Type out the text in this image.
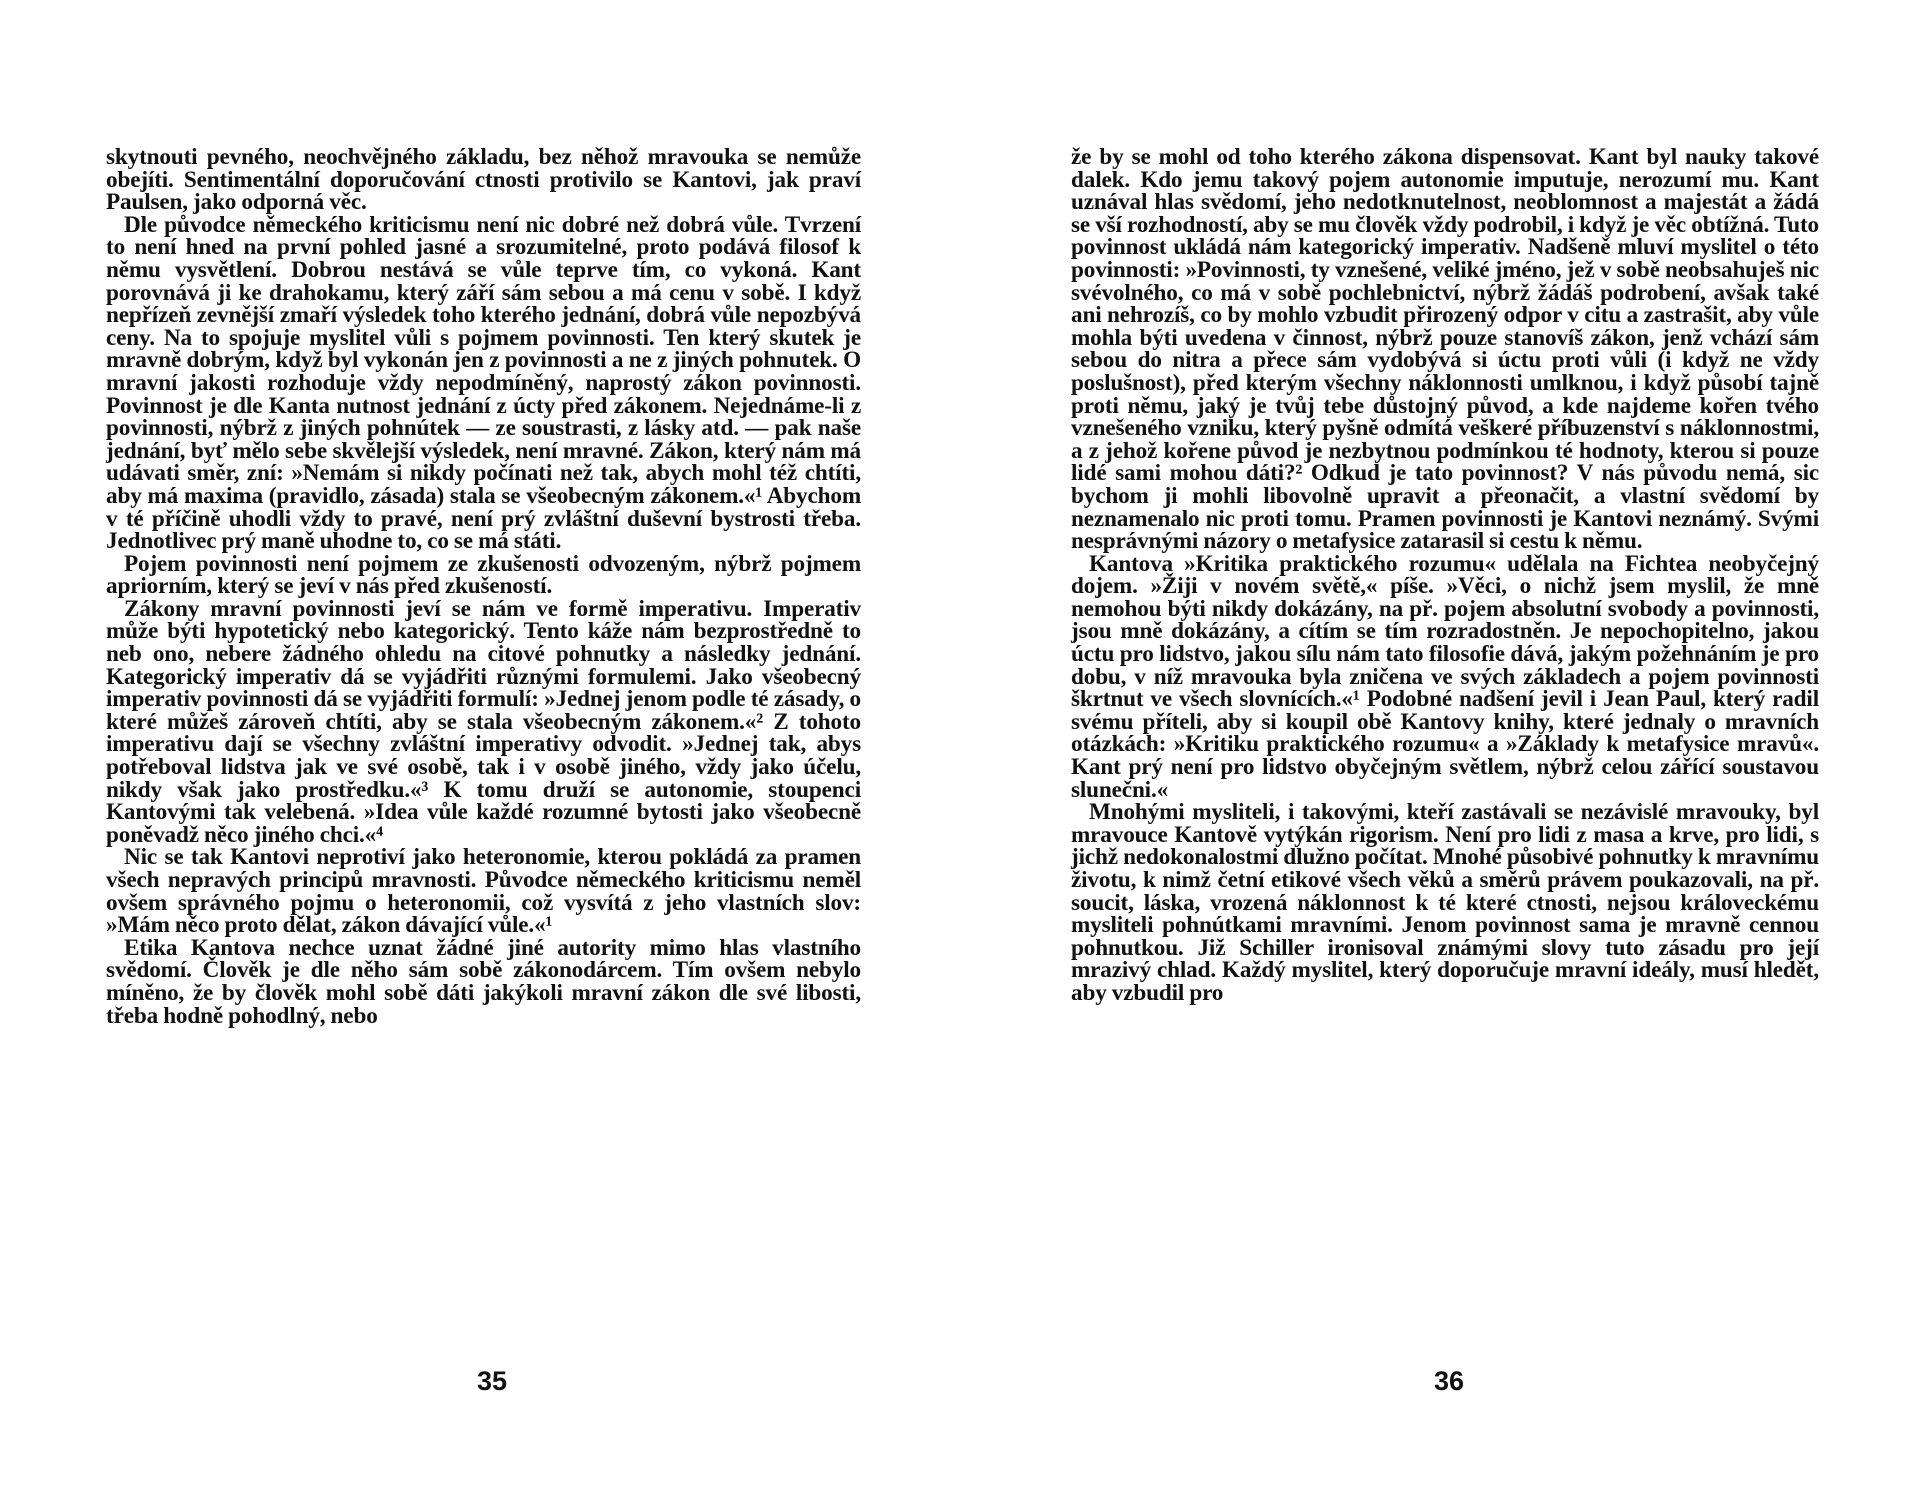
skytnouti pevného, neochvějného základu, bez něhož mravouka se nemůže obejíti. Sentimentální doporučování ctnosti protivilo se Kantovi, jak praví Paulsen, jako odporná věc.

Dle původce německého kriticismu není nic dobré než dobrá vůle. Tvrzení to není hned na první pohled jasné a srozumitelné, proto podává filosof k němu vysvětlení. Dobrou nestává se vůle teprve tím, co vykoná. Kant porovnává ji ke drahokamu, který září sám sebou a má cenu v sobě. I když nepřízeň zevnější zmaří výsledek toho kterého jednání, dobrá vůle nepozbývá ceny. Na to spojuje myslitel vůli s pojmem povinnosti. Ten který skutek je mravně dobrým, když byl vykonán jen z povinnosti a ne z jiných pohnutek. O mravní jakosti rozhoduje vždy nepodmíněný, naprostý zákon povinnosti. Povinnost je dle Kanta nutnost jednání z úcty před zákonem. Nejednáme-li z povinnosti, nýbrž z jiných pohnútek — ze soustrasti, z lásky atd. — pak naše jednání, byť mělo sebe skvělejší výsledek, není mravné. Zákon, který nám má udávati směr, zní: »Nemám si nikdy počínati než tak, abych mohl též chtíti, aby má maxima (pravidlo, zásada) stala se všeobecným zákonem.«¹ Abychom v té příčině uhodli vždy to pravé, není prý zvláštní duševní bystrosti třeba. Jednotlivec prý maně uhodne to, co se má státi.

Pojem povinnosti není pojmem ze zkušenosti odvozeným, nýbrž pojmem apriorním, který se jeví v nás před zkušeností.

Zákony mravní povinnosti jeví se nám ve formě imperativu. Imperativ může býti hypotetický nebo kategorický. Tento káže nám bezprostředně to neb ono, nebere žádného ohledu na citové pohnutky a následky jednání. Kategorický imperativ dá se vyjádřiti různými formulemi. Jako všeobecný imperativ povinnosti dá se vyjádřiti formulí: »Jednej jenom podle té zásady, o které můžeš zároveň chtíti, aby se stala všeobecným zákonem.«² Z tohoto imperativu dají se všechny zvláštní imperativy odvodit. »Jednej tak, abys potřeboval lidstva jak ve své osobě, tak i v osobě jiného, vždy jako účelu, nikdy však jako prostředku.«³ K tomu druží se autonomie, stoupenci Kantovými tak velebená. »Idea vůle každé rozumné bytosti jako všeobecně poněvadž něco jiného chci.«⁴

Nic se tak Kantovi neprotiví jako heteronomie, kterou pokládá za pramen všech nepravých principů mravnosti. Původce německého kriticismu neměl ovšem správného pojmu o heteronomii, což vysvítá z jeho vlastních slov: »Mám něco proto dělat, zákon dávající vůle.«¹

Etika Kantova nechce uznat žádné jiné autority mimo hlas vlastního svědomí. Člověk je dle něho sám sobě zákonodárcem. Tím ovšem nebylo míněno, že by člověk mohl sobě dáti jakýkoli mravní zákon dle své libosti, třeba hodně pohodlný, nebo

35

že by se mohl od toho kterého zákona dispensovat. Kant byl nauky takové dalek. Kdo jemu takový pojem autonomie imputuje, nerozumí mu. Kant uznával hlas svědomí, jeho nedotknutelnost, neoblomnost a majestát a žádá se vší rozhodností, aby se mu člověk vždy podrobil, i když je věc obtížná. Tuto povinnost ukládá nám kategorický imperativ. Nadšeně mluví myslitel o této povinnosti: »Povinnosti, ty vznešené, veliké jméno, jež v sobě neobsahuješ nic svévolného, co má v sobě pochlebnictví, nýbrž žádáš podrobení, avšak také ani nehrozíš, co by mohlo vzbudit přirozený odpor v citu a zastrašit, aby vůle mohla býti uvedena v činnost, nýbrž pouze stanovíš zákon, jenž vchází sám sebou do nitra a přece sám vydobývá si úctu proti vůli (i když ne vždy poslušnost), před kterým všechny náklonnosti umlknou, i když působí tajně proti němu, jaký je tvůj tebe důstojný původ, a kde najdeme kořen tvého vznešeného vzniku, který pyšně odmítá veškeré příbuzenství s náklonnostmi, a z jehož kořene původ je nezbytnou podmínkou té hodnoty, kterou si pouze lidé sami mohou dáti?² Odkud je tato povinnost? V nás původu nemá, sic bychom ji mohli libovolně upravit a přeonačit, a vlastní svědomí by neznamenalo nic proti tomu. Pramen povinnosti je Kantovi neznámý. Svými nesprávnými názory o metafysice zatarasil si cestu k němu.

Kantova »Kritika praktického rozumu« udělala na Fichtea neobyčejný dojem. »Žiji v novém světě,« píše. »Věci, o nichž jsem myslil, že mně nemohou býti nikdy dokázány, na př. pojem absolutní svobody a povinnosti, jsou mně dokázány, a cítím se tím rozradostněn. Je nepochopitelno, jakou úctu pro lidstvo, jakou sílu nám tato filosofie dává, jakým požehnáním je pro dobu, v níž mravouka byla zničena ve svých základech a pojem povinnosti škrtnut ve všech slovnících.«¹ Podobné nadšení jevil i Jean Paul, který radil svému příteli, aby si koupil obě Kantovy knihy, které jednaly o mravních otázkách: »Kritiku praktického rozumu« a »Základy k metafysice mravů«. Kant prý není pro lidstvo obyčejným světlem, nýbrž celou zářící soustavou slunečni.«

Mnohými mysliteli, i takovými, kteří zastávali se nezávislé mravouky, byl mravouce Kantově vytýkán rigorism. Není pro lidi z masa a krve, pro lidi, s jichž nedokonalostmi dlužno počítat. Mnohé působivé pohnutky k mravnímu životu, k nimž četní etikové všech věků a směrů právem poukazovali, na př. soucit, láska, vrozená náklonnost k té které ctnosti, nejsou královeckému mysliteli pohnútkami mravními. Jenom povinnost sama je mravně cennou pohnutkou. Již Schiller ironisoval známými slovy tuto zásadu pro její mrazivý chlad. Každý myslitel, který doporučuje mravní ideály, musí hledět, aby vzbudil pro

36
